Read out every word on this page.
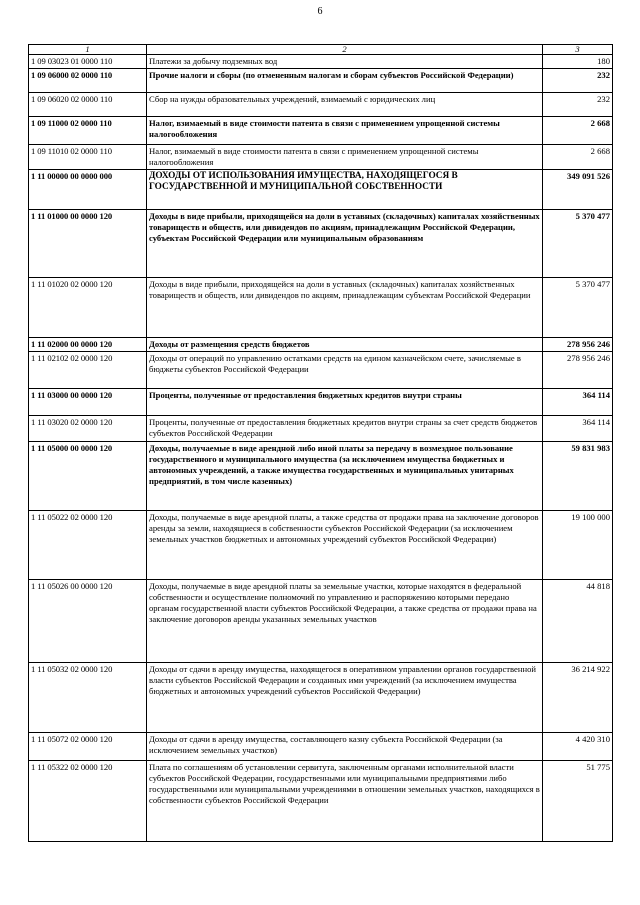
6
1	2	3
1 09 03023 01 0000 110	Платежи за добычу подземных вод	180
1 09 06000 02 0000 110	Прочие налоги и сборы (по отмененным налогам и сборам субъектов Российской Федерации)	232
1 09 06020 02 0000 110	Сбор на нужды образовательных учреждений, взимаемый с юридических лиц	232
1 09 11000 02 0000 110	Налог, взимаемый в виде стоимости патента в связи с применением упрощенной системы налогообложения	2 668
1 09 11010 02 0000 110	Налог, взимаемый в виде стоимости патента в связи с применением упрощенной системы налогообложения	2 668
1 11 00000 00 0000 000	ДОХОДЫ ОТ ИСПОЛЬЗОВАНИЯ ИМУЩЕСТВА, НАХОДЯЩЕГОСЯ В ГОСУДАРСТВЕННОЙ И МУНИЦИПАЛЬНОЙ СОБСТВЕННОСТИ	349 091 526
1 11 01000 00 0000 120	Доходы в виде прибыли, приходящейся на доли в уставных (складочных) капиталах хозяйственных товариществ и обществ, или дивидендов по акциям, принадлежащим Российской Федерации, субъектам Российской Федерации или муниципальным образованиям	5 370 477
1 11 01020 02 0000 120	Доходы в виде прибыли, приходящейся на доли в уставных (складочных) капиталах хозяйственных товариществ и обществ, или дивидендов по акциям, принадлежащим субъектам Российской Федерации	5 370 477
1 11 02000 00 0000 120	Доходы от размещения средств бюджетов	278 956 246
1 11 02102 02 0000 120	Доходы от операций по управлению остатками средств на едином казначейском счете, зачисляемые в бюджеты субъектов Российской Федерации	278 956 246
1 11 03000 00 0000 120	Проценты, полученные от предоставления бюджетных кредитов внутри страны	364 114
1 11 03020 02 0000 120	Проценты, полученные от предоставления бюджетных кредитов внутри страны за счет средств бюджетов субъектов Российской Федерации	364 114
1 11 05000 00 0000 120	Доходы, получаемые в виде арендной либо иной платы за передачу в возмездное пользование государственного и муниципального имущества (за исключением имущества бюджетных и автономных учреждений, а также имущества государственных и муниципальных унитарных предприятий, в том числе казенных)	59 831 983
1 11 05022 02 0000 120	Доходы, получаемые в виде арендной платы, а также средства от продажи права на заключение договоров аренды за земли, находящиеся в собственности субъектов Российской Федерации (за исключением земельных участков бюджетных и автономных учреждений субъектов Российской Федерации)	19 100 000
1 11 05026 00 0000 120	Доходы, получаемые в виде арендной платы за земельные участки, которые находятся в федеральной собственности и осуществление полномочий по управлению и распоряжению которыми передано органам государственной власти субъектов Российской Федерации, а также средства от продажи права на заключение договоров аренды указанных земельных участков	44 818
1 11 05032 02 0000 120	Доходы от сдачи в аренду имущества, находящегося в оперативном управлении органов государственной власти субъектов Российской Федерации и созданных ими учреждений (за исключением имущества бюджетных и автономных учреждений субъектов Российской Федерации)	36 214 922
1 11 05072 02 0000 120	Доходы от сдачи в аренду имущества, составляющего казну субъекта Российской Федерации (за исключением земельных участков)	4 420 310
1 11 05322 02 0000 120	Плата по соглашениям об установлении сервитута, заключенным органами исполнительной власти субъектов Российской Федерации, государственными или муниципальными предприятиями либо государственными или муниципальными учреждениями в отношении земельных участков, находящихся в собственности субъектов Российской Федерации	51 775
